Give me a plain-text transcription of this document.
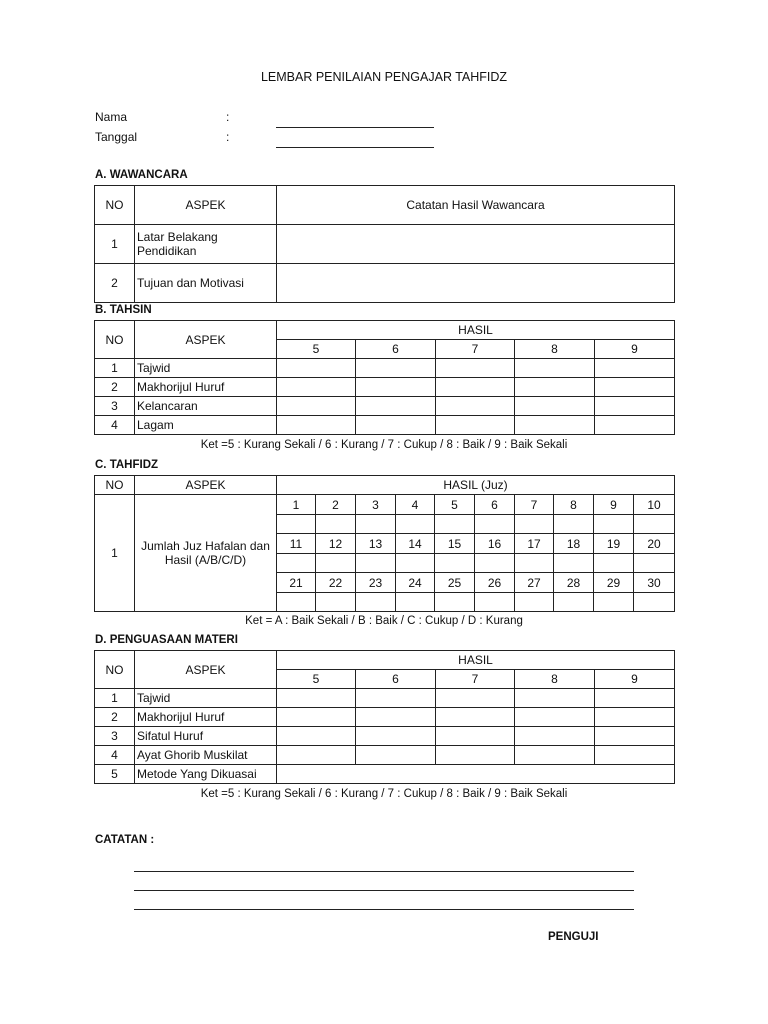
LEMBAR PENILAIAN PENGAJAR TAHFIDZ
Nama	:
Tanggal	:
A. WAWANCARA
NO	ASPEK	Catatan Hasil Wawancara
1	Latar Belakang Pendidikan	
2	Tujuan dan Motivasi	
B. TAHSIN
NO	ASPEK	HASIL				
		5	6	7	8	9
1	Tajwid					
2	Makhorijul Huruf					
3	Kelancaran					
4	Lagam					
Ket =5 : Kurang Sekali / 6 : Kurang / 7 : Cukup / 8 : Baik / 9 : Baik Sekali
C. TAHFIDZ
NO	ASPEK	HASIL (Juz)									
1	Jumlah Juz Hafalan dan Hasil (A/B/C/D)	1	2	3	4	5	6	7	8	9	10

		11	12	13	14	15	16	17	18	19	20

		21	22	23	24	25	26	27	28	29	30

Ket = A : Baik Sekali / B : Baik / C : Cukup / D : Kurang
D. PENGUASAAN MATERI
NO	ASPEK	HASIL				
		5	6	7	8	9
1	Tajwid					
2	Makhorijul Huruf					
3	Sifatul Huruf					
4	Ayat Ghorib Muskilat					
5	Metode Yang Dikuasai					
Ket =5 : Kurang Sekali / 6 : Kurang / 7 : Cukup / 8 : Baik / 9 : Baik Sekali
CATATAN :
PENGUJI
